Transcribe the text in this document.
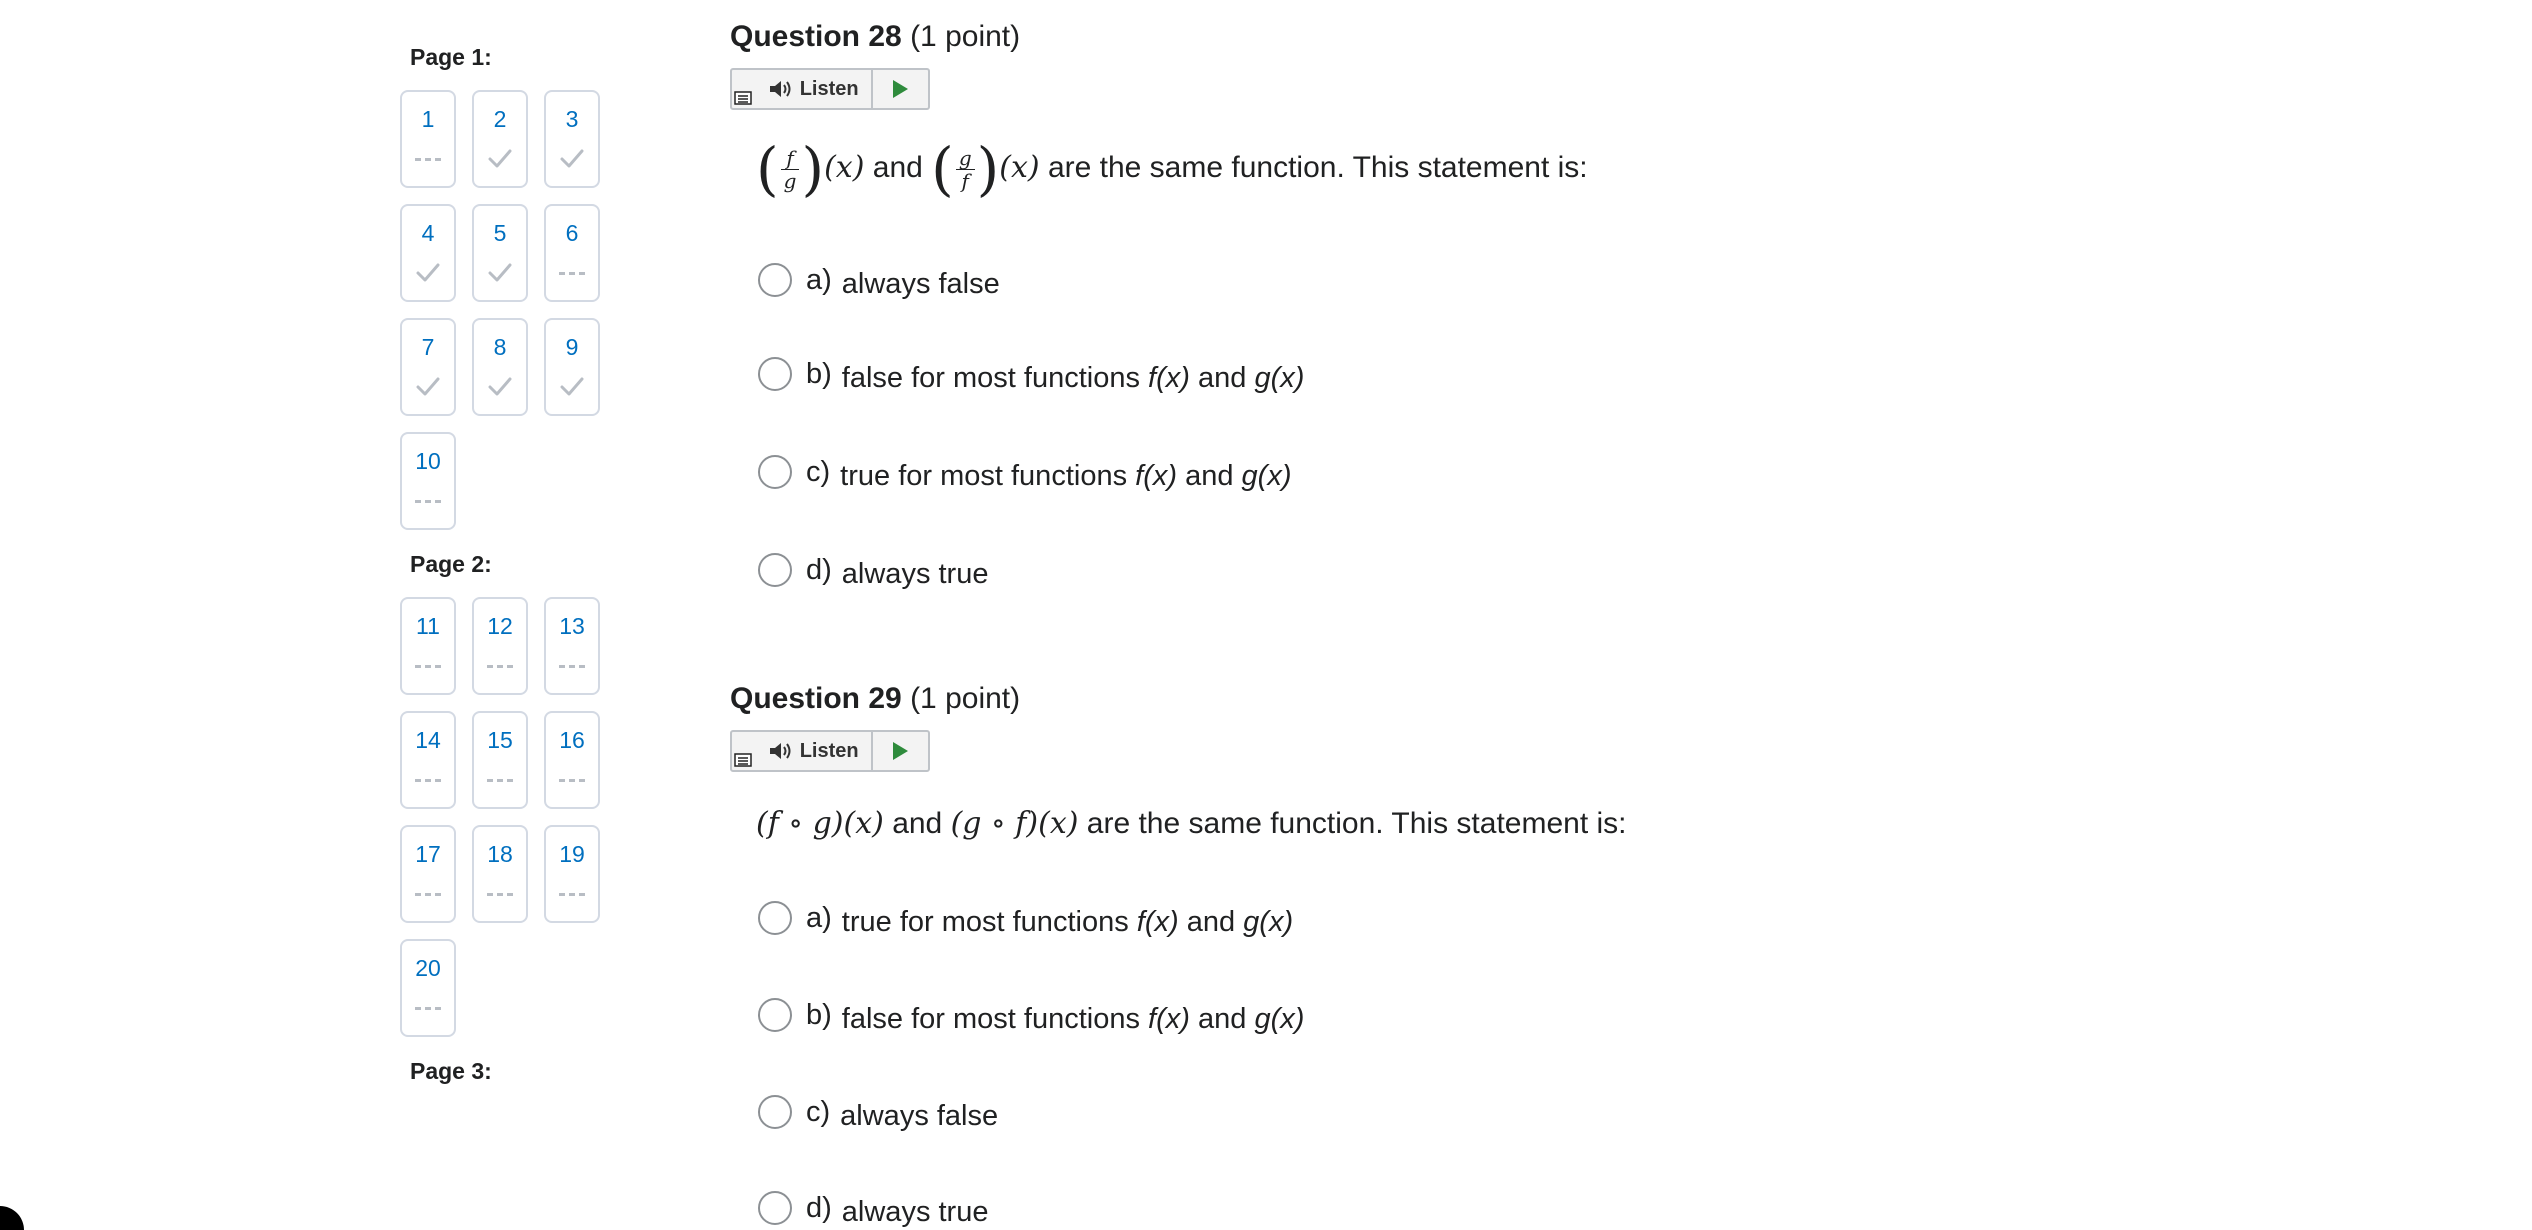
Page 1:
1	2	3
4	5	6
7	8	9
10
Page 2:
11	12	13
14	15	16
17	18	19
20
Page 3:
Question 28 (1 point)
Listen
( $\frac{f}{g} )(x)$ and ( $\frac{g}{f} )(x)$ are the same function. This statement is:
a) always false
b) false for most functions f(x) and g(x)
c) true for most functions f(x) and g(x)
d) always true
Question 29 (1 point)
Listen
(f ∘ g)(x) and (g ∘ f)(x) are the same function. This statement is:
a) true for most functions f(x) and g(x)
b) false for most functions f(x) and g(x)
c) always false
d) always true
